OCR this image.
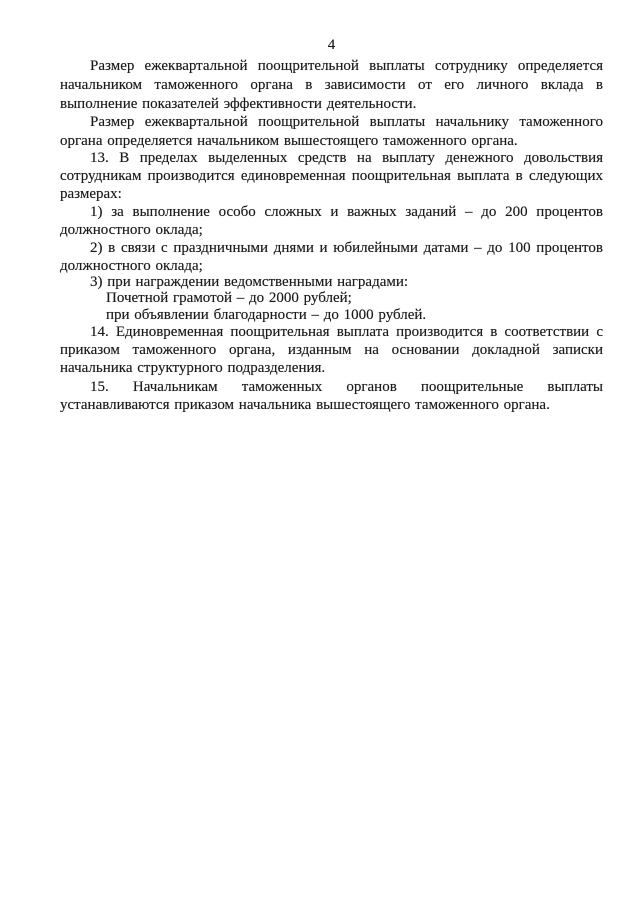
4
Размер ежеквартальной поощрительной выплаты сотруднику определяется
начальником таможенного органа в зависимости от его личного вклада в
выполнение показателей эффективности деятельности.
Размер ежеквартальной поощрительной выплаты начальнику таможенного
органа определяется начальником вышестоящего таможенного органа.
13. В пределах выделенных средств на выплату денежного довольствия
сотрудникам производится единовременная поощрительная выплата в следующих
размерах:
1) за выполнение особо сложных и важных заданий – до 200 процентов
должностного оклада;
2) в связи с праздничными днями и юбилейными датами – до 100 процентов
должностного оклада;
3) при награждении ведомственными наградами:
Почетной грамотой – до 2000 рублей;
при объявлении благодарности – до 1000 рублей.
14. Единовременная поощрительная выплата производится в соответствии с
приказом таможенного органа, изданным на основании докладной записки
начальника структурного подразделения.
15. Начальникам таможенных органов поощрительные выплаты
устанавливаются приказом начальника вышестоящего таможенного органа.
